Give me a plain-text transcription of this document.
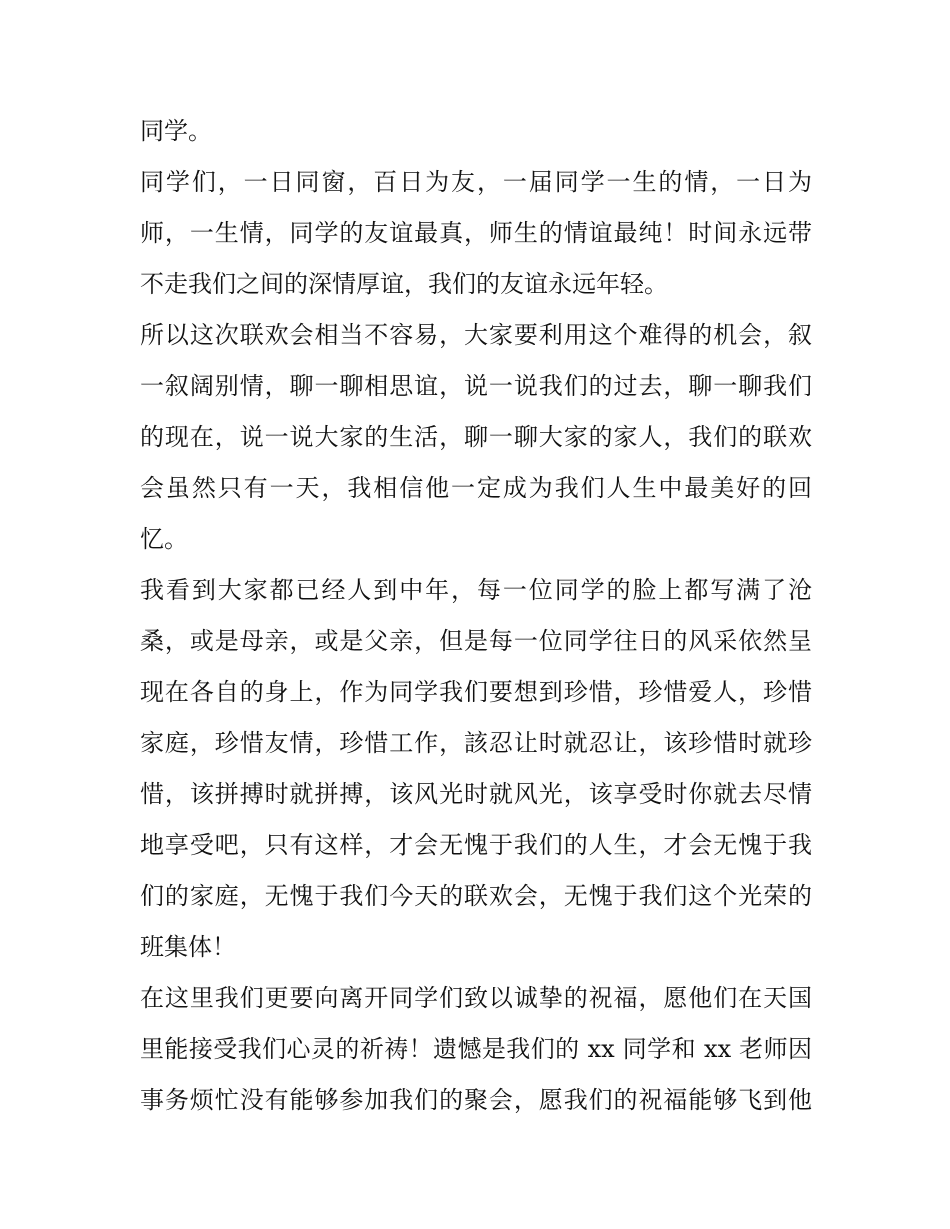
同学。
同学们，一日同窗，百日为友，一届同学一生的情，一日为
师，一生情，同学的友谊最真，师生的情谊最纯！时间永远带
不走我们之间的深情厚谊，我们的友谊永远年轻。
所以这次联欢会相当不容易，大家要利用这个难得的机会，叙
一叙阔别情，聊一聊相思谊，说一说我们的过去，聊一聊我们
的现在，说一说大家的生活，聊一聊大家的家人，我们的联欢
会虽然只有一天，我相信他一定成为我们人生中最美好的回
忆。
我看到大家都已经人到中年，每一位同学的脸上都写满了沧
桑，或是母亲，或是父亲，但是每一位同学往日的风采依然呈
现在各自的身上，作为同学我们要想到珍惜，珍惜爱人，珍惜
家庭，珍惜友情，珍惜工作，該忍让时就忍让，该珍惜时就珍
惜，该拼搏时就拼搏，该风光时就风光，该享受时你就去尽情
地享受吧，只有这样，才会无愧于我们的人生，才会无愧于我
们的家庭，无愧于我们今天的联欢会，无愧于我们这个光荣的
班集体！
在这里我们更要向离开同学们致以诚挚的祝福，愿他们在天国
里能接受我们心灵的祈祷！遗憾是我们的 xx 同学和 xx 老师因
事务烦忙没有能够参加我们的聚会，愿我们的祝福能够飞到他
